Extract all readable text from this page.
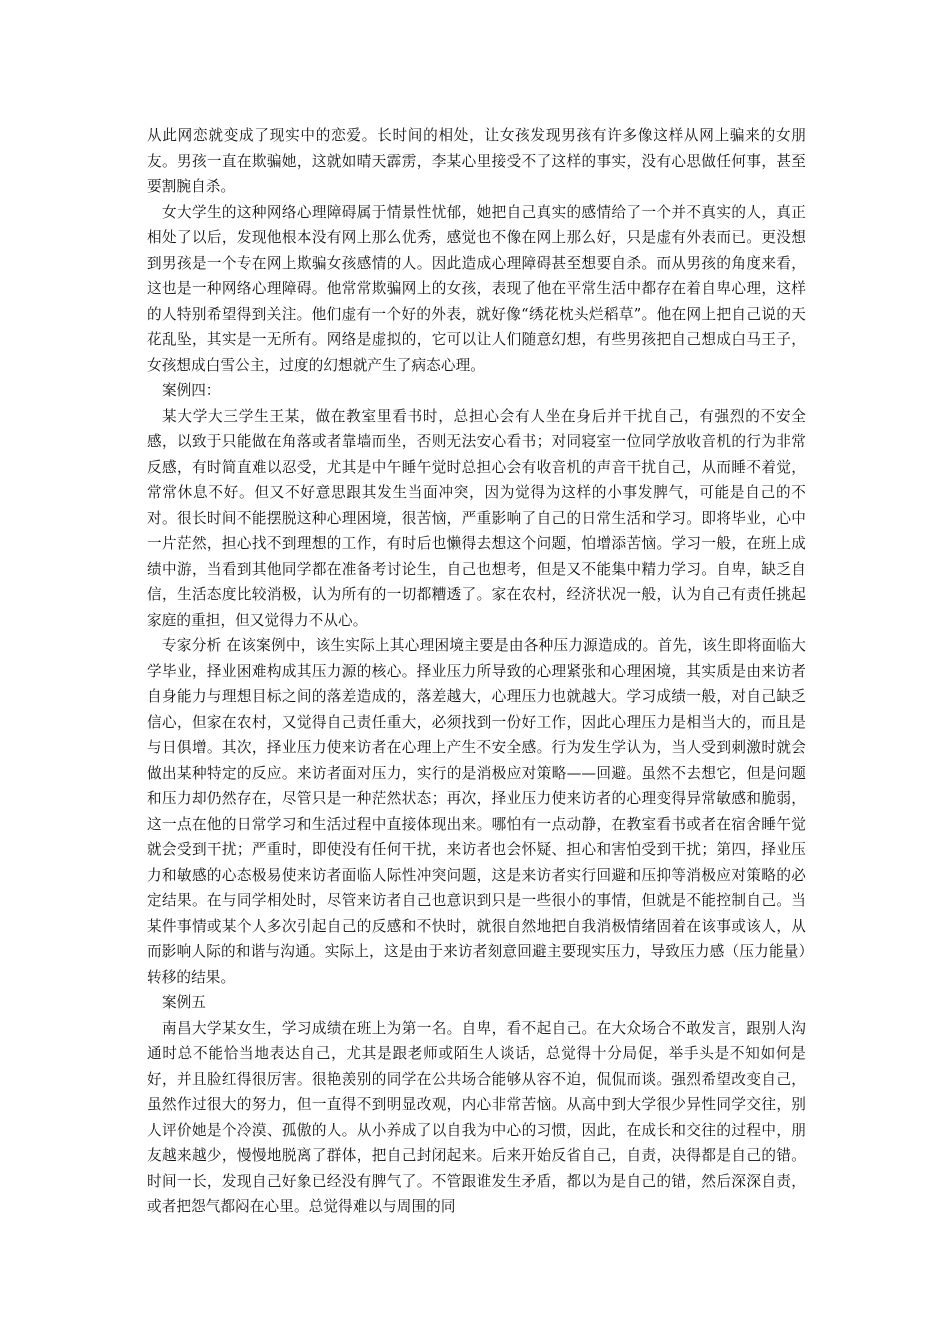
从此网恋就变成了现实中的恋爱。长时间的相处，让女孩发现男孩有许多像这样从网上骗来的女朋友。男孩一直在欺骗她，这就如晴天霹雳，李某心里接受不了这样的事实，没有心思做任何事，甚至要割腕自杀。

女大学生的这种网络心理障碍属于情景性忧郁，她把自己真实的感情给了一个并不真实的人，真正相处了以后，发现他根本没有网上那么优秀，感觉也不像在网上那么好，只是虚有外表而已。更没想到男孩是一个专在网上欺骗女孩感情的人。因此造成心理障碍甚至想要自杀。而从男孩的角度来看，这也是一种网络心理障碍。他常常欺骗网上的女孩，表现了他在平常生活中都存在着自卑心理，这样的人特别希望得到关注。他们虚有一个好的外表，就好像“绣花枕头烂稻草”。他在网上把自己说的天花乱坠，其实是一无所有。网络是虚拟的，它可以让人们随意幻想，有些男孩把自己想成白马王子，女孩想成白雪公主，过度的幻想就产生了病态心理。

案例四：

某大学大三学生王某，做在教室里看书时，总担心会有人坐在身后并干扰自己，有强烈的不安全感，以致于只能做在角落或者靠墙而坐，否则无法安心看书；对同寝室一位同学放收音机的行为非常反感，有时简直难以忍受，尤其是中午睡午觉时总担心会有收音机的声音干扰自己，从而睡不着觉，常常休息不好。但又不好意思跟其发生当面冲突，因为觉得为这样的小事发脾气，可能是自己的不对。很长时间不能摆脱这种心理困境，很苦恼，严重影响了自己的日常生活和学习。即将毕业，心中一片茫然，担心找不到理想的工作，有时后也懒得去想这个问题，怕增添苦恼。学习一般，在班上成绩中游，当看到其他同学都在准备考讨论生，自己也想考，但是又不能集中精力学习。自卑，缺乏自信，生活态度比较消极，认为所有的一切都糟透了。家在农村，经济状况一般，认为自己有责任挑起家庭的重担，但又觉得力不从心。

专家分析 在该案例中，该生实际上其心理困境主要是由各种压力源造成的。首先，该生即将面临大学毕业，择业困难构成其压力源的核心。择业压力所导致的心理紧张和心理困境，其实质是由来访者自身能力与理想目标之间的落差造成的，落差越大，心理压力也就越大。学习成绩一般，对自己缺乏信心，但家在农村，又觉得自己责任重大，必须找到一份好工作，因此心理压力是相当大的，而且是与日俱增。其次，择业压力使来访者在心理上产生不安全感。行为发生学认为，当人受到刺激时就会做出某种特定的反应。来访者面对压力，实行的是消极应对策略——回避。虽然不去想它，但是问题和压力却仍然存在，尽管只是一种茫然状态；再次，择业压力使来访者的心理变得异常敏感和脆弱，这一点在他的日常学习和生活过程中直接体现出来。哪怕有一点动静，在教室看书或者在宿舍睡午觉就会受到干扰；严重时，即使没有任何干扰，来访者也会怀疑、担心和害怕受到干扰；第四，择业压力和敏感的心态极易使来访者面临人际性冲突问题，这是来访者实行回避和压抑等消极应对策略的必定结果。在与同学相处时，尽管来访者自己也意识到只是一些很小的事情，但就是不能控制自己。当某件事情或某个人多次引起自己的反感和不快时，就很自然地把自我消极情绪固着在该事或该人，从而影响人际的和谐与沟通。实际上，这是由于来访者刻意回避主要现实压力，导致压力感（压力能量）转移的结果。

案例五

南昌大学某女生，学习成绩在班上为第一名。自卑，看不起自己。在大众场合不敢发言，跟别人沟通时总不能恰当地表达自己，尤其是跟老师或陌生人谈话，总觉得十分局促，举手头是不知如何是好，并且脸红得很厉害。很艳羡别的同学在公共场合能够从容不迫，侃侃而谈。强烈希望改变自己，虽然作过很大的努力，但一直得不到明显改观，内心非常苦恼。从高中到大学很少异性同学交往，别人评价她是个冷漠、孤傲的人。从小养成了以自我为中心的习惯，因此，在成长和交往的过程中，朋友越来越少，慢慢地脱离了群体，把自己封闭起来。后来开始反省自己，自责，决得都是自己的错。时间一长，发现自己好象已经没有脾气了。不管跟谁发生矛盾，都以为是自己的错，然后深深自责，或者把怨气都闷在心里。总觉得难以与周围的同
